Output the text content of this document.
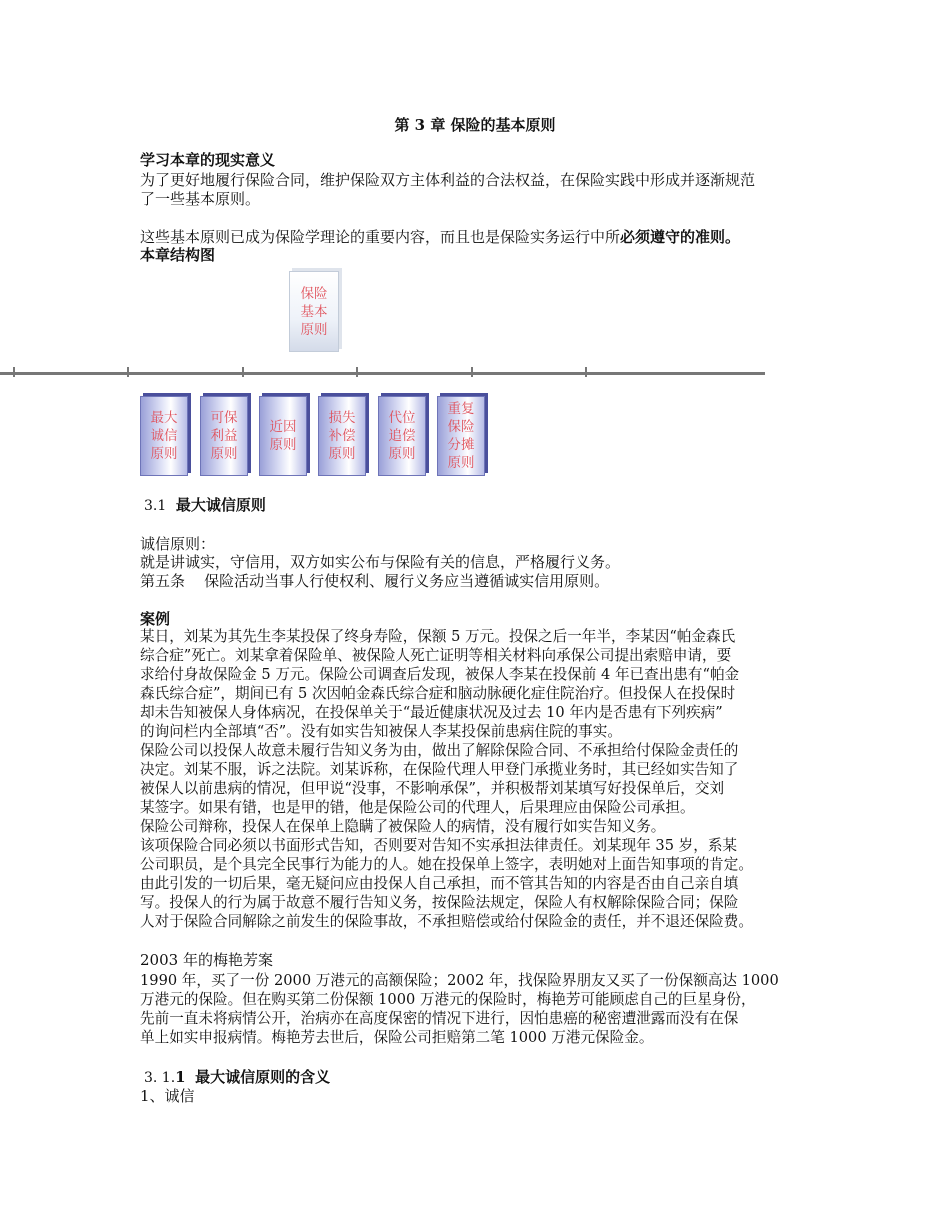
第 3 章 保险的基本原则
学习本章的现实意义
为了更好地履行保险合同，维护保险双方主体利益的合法权益，在保险实践中形成并逐渐规范
了一些基本原则。
这些基本原则已成为保险学理论的重要内容，而且也是保险实务运行中所必须遵守的准则。
本章结构图
保险
基本
原则
最大
诚信
原则
可保
利益
原则
近因
原则
损失
补偿
原则
代位
追偿
原则
重复
保险
分摊
原则
3.1 最大诚信原则
诚信原则：
就是讲诚实，守信用，双方如实公布与保险有关的信息，严格履行义务。
第五条    保险活动当事人行使权利、履行义务应当遵循诚实信用原则。
案例
某日，刘某为其先生李某投保了终身寿险，保额 5 万元。投保之后一年半，李某因“帕金森氏
综合症”死亡。刘某拿着保险单、被保险人死亡证明等相关材料向承保公司提出索赔申请，要
求给付身故保险金 5 万元。保险公司调查后发现，被保人李某在投保前 4 年已查出患有“帕金
森氏综合症”，期间已有 5 次因帕金森氏综合症和脑动脉硬化症住院治疗。但投保人在投保时
却未告知被保人身体病况，在投保单关于“最近健康状况及过去 10 年内是否患有下列疾病”
的询问栏内全部填“否”。没有如实告知被保人李某投保前患病住院的事实。
保险公司以投保人故意未履行告知义务为由，做出了解除保险合同、不承担给付保险金责任的
决定。刘某不服，诉之法院。刘某诉称，在保险代理人甲登门承揽业务时，其已经如实告知了
被保人以前患病的情况，但甲说“没事，不影响承保”，并积极帮刘某填写好投保单后，交刘
某签字。如果有错，也是甲的错，他是保险公司的代理人，后果理应由保险公司承担。
保险公司辩称，投保人在保单上隐瞒了被保险人的病情，没有履行如实告知义务。
该项保险合同必须以书面形式告知，否则要对告知不实承担法律责任。刘某现年 35 岁，系某
公司职员，是个具完全民事行为能力的人。她在投保单上签字，表明她对上面告知事项的肯定。
由此引发的一切后果，毫无疑问应由投保人自己承担，而不管其告知的内容是否由自己亲自填
写。投保人的行为属于故意不履行告知义务，按保险法规定，保险人有权解除保险合同；保险
人对于保险合同解除之前发生的保险事故，不承担赔偿或给付保险金的责任，并不退还保险费。
2003 年的梅艳芳案
1990 年，买了一份 2000 万港元的高额保险；2002 年，找保险界朋友又买了一份保额高达 1000
万港元的保险。但在购买第二份保额 1000 万港元的保险时，梅艳芳可能顾虑自己的巨星身份，
先前一直未将病情公开，治病亦在高度保密的情况下进行，因怕患癌的秘密遭泄露而没有在保
单上如实申报病情。梅艳芳去世后，保险公司拒赔第二笔 1000 万港元保险金。
3. 1.1 最大诚信原则的含义
1、诚信
